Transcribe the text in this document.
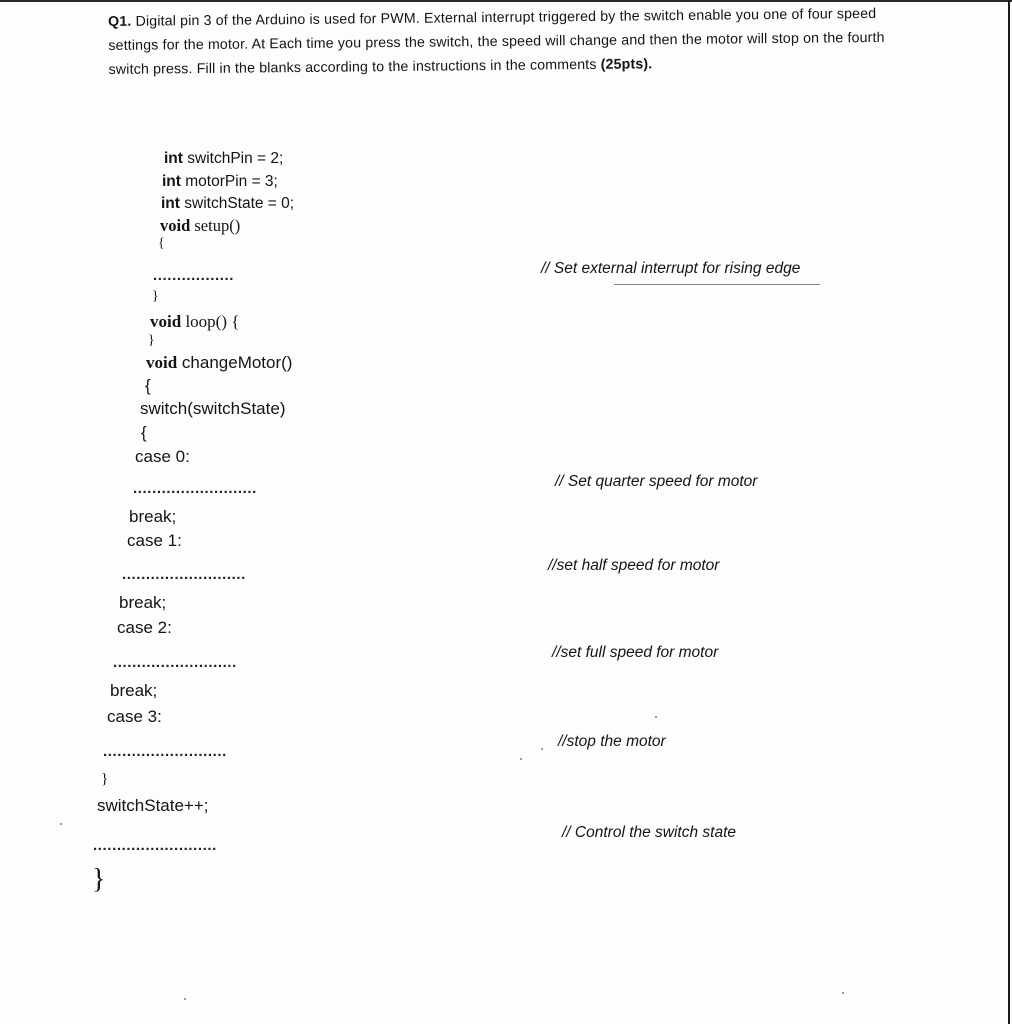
Q1. Digital pin 3 of the Arduino is used for PWM. External interrupt triggered by the switch enable you one of four speed settings for the motor. At Each time you press the switch, the speed will change and then the motor will stop on the fourth switch press. Fill in the blanks according to the instructions in the comments (25pts).
int switchPin = 2;
int motorPin = 3;
int switchState = 0;
void setup()
{
.................	// Set external interrupt for rising edge
}
void loop() {
}
void changeMotor()
{
switch(switchState)
{
case 0:
..........................	// Set quarter speed for motor
break;
case 1:
..........................
//set half speed for motor
break;
case 2:
..........................
//set full speed for motor
break;
case 3:
..........................
//stop the motor
}
switchState++;
..........................
// Control the switch state
}
